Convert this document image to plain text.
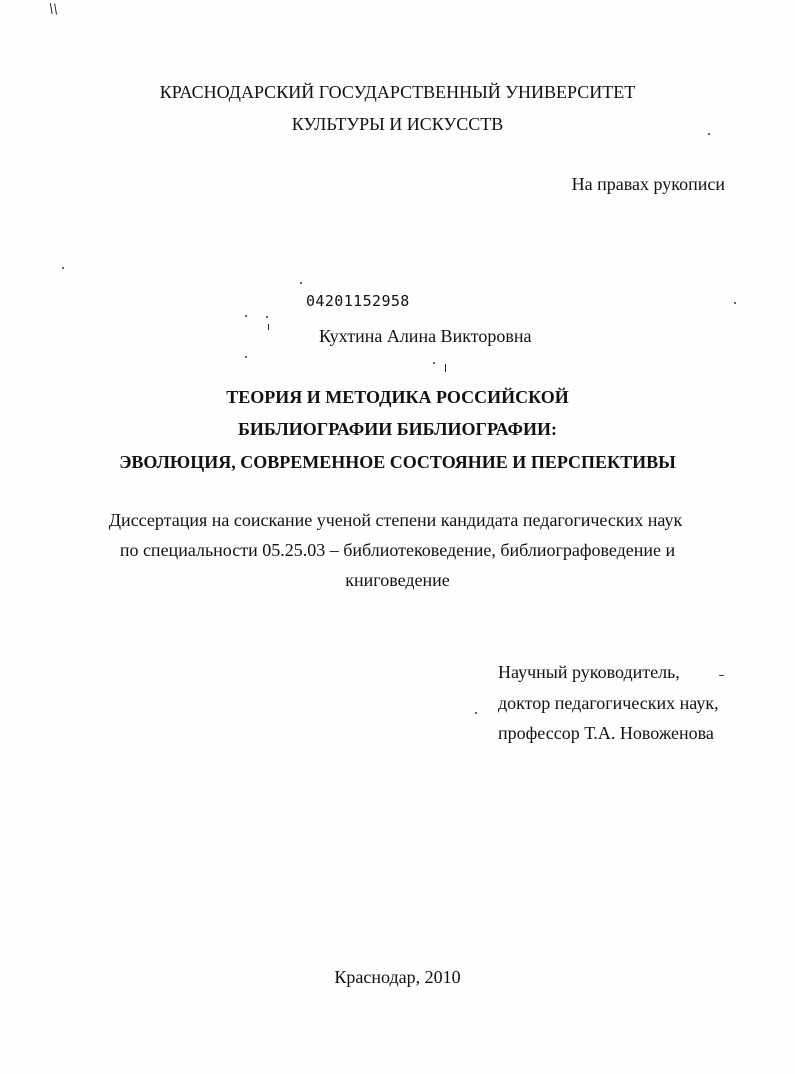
\\
КРАСНОДАРСКИЙ ГОСУДАРСТВЕННЫЙ УНИВЕРСИТЕТ
КУЛЬТУРЫ И ИСКУССТВ
На правах рукописи
04201152958
Кухтина Алина Викторовна
ТЕОРИЯ И МЕТОДИКА РОССИЙСКОЙ
БИБЛИОГРАФИИ БИБЛИОГРАФИИ:
ЭВОЛЮЦИЯ, СОВРЕМЕННОЕ СОСТОЯНИЕ И ПЕРСПЕКТИВЫ
Диссертация на соискание ученой степени кандидата педагогических наук
по специальности 05.25.03 – библиотековедение, библиографоведение и
книговедение
Научный руководитель,
доктор педагогических наук,
профессор Т.А. Новоженова
Краснодар, 2010
